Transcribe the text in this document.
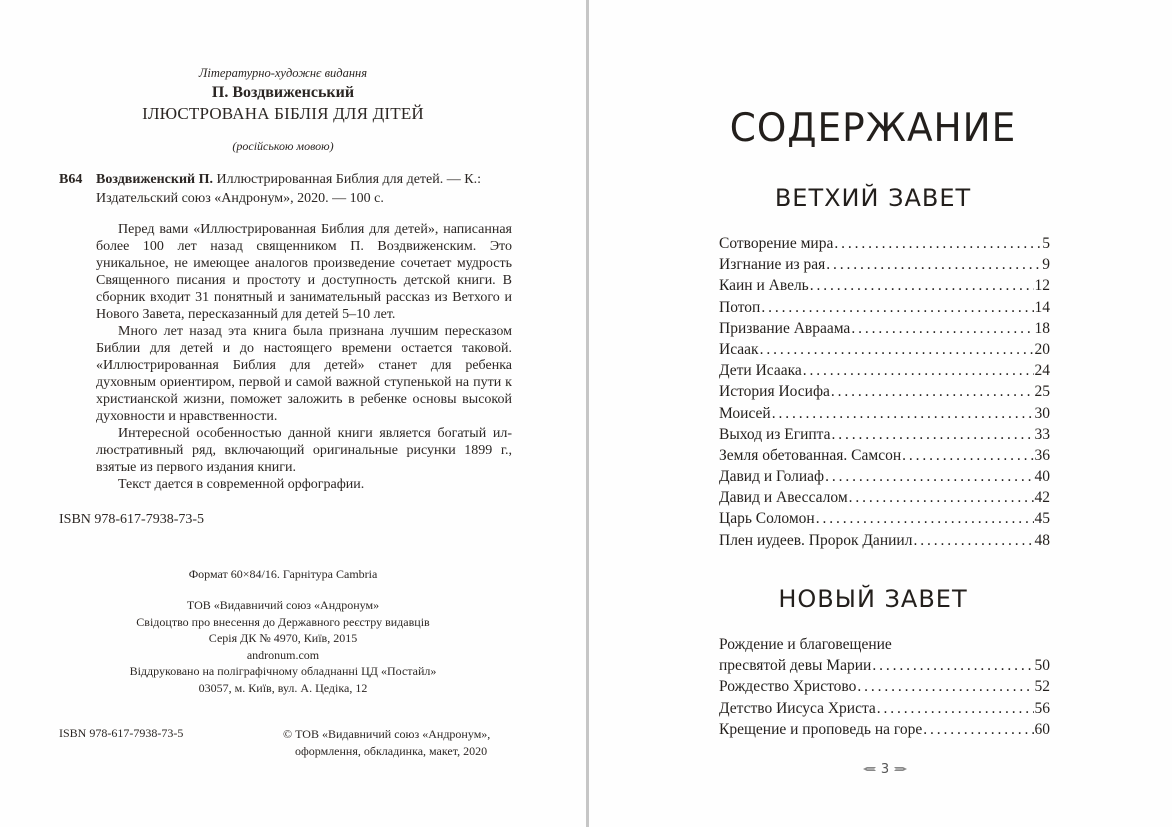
Літературно-художнє видання
П. Воздвиженський
ІЛЮСТРОВАНА БІБЛІЯ ДЛЯ ДІТЕЙ
(російською мовою)
В64 Воздвиженский П. Иллюстрированная Библия для детей. — К.:
Издательский союз «Андронум», 2020. — 100 с.

Перед вами «Иллюстрированная Библия для детей», написанная более 100 лет назад священником П. Воздвиженским. Это уникальное, не имеющее аналогов произведение сочетает мудрость Священного писания и простоту и доступность детской книги. В сборник входит 31 понятный и занимательный рассказ из Ветхого и Нового Завета, пересказанный для детей 5–10 лет.

Много лет назад эта книга была признана лучшим пересказом Библии для детей и до настоящего времени остается таковой. «Иллюстрированная Библия для детей» станет для ребенка духовным ориентиром, первой и самой важной ступенькой на пути к христианской жизни, поможет заложить в ребенке основы высокой духовности и нравственности.

Интересной особенностью данной книги является богатый иллюстративный ряд, включающий оригинальные рисунки 1899 г., взятые из первого издания книги.

Текст дается в современной орфографии.

ISBN 978-617-7938-73-5
Формат 60×84/16. Гарнітура Cambria
ТОВ «Видавничий союз «Андронум»
Свідоцтво про внесення до Державного реєстру видавців
Серія ДК № 4970, Київ, 2015
andronum.com
Віддруковано на поліграфічному обладнанні ЦД «Постайл»
03057, м. Київ, вул. А. Цедіка, 12
ISBN 978-617-7938-73-5	© ТОВ «Видавничий союз «Андронум»,
оформлення, обкладинка, макет, 2020
СОДЕРЖАНИЕ
ВЕТХИЙ ЗАВЕТ
Сотворение мира . . .	5
Изгнание из рая . . .	9
Каин и Авель . . .	12
Потоп . . .	14
Призвание Авраама . . .	18
Исаак . . .	20
Дети Исаака . . .	24
История Иосифа . . .	25
Моисей . . .	30
Выход из Египта . . .	33
Земля обетованная. Самсон . . .	36
Давид и Голиаф . . .	40
Давид и Авессалом . . .	42
Царь Соломон . . .	45
Плен иудеев. Пророк Даниил . . .	48
НОВЫЙ ЗАВЕТ
Рождение и благовещение
пресвятой девы Марии . . .	50
Рождество Христово . . .	52
Детство Иисуса Христа . . .	56
Крещение и проповедь на горе . . .	60
3
